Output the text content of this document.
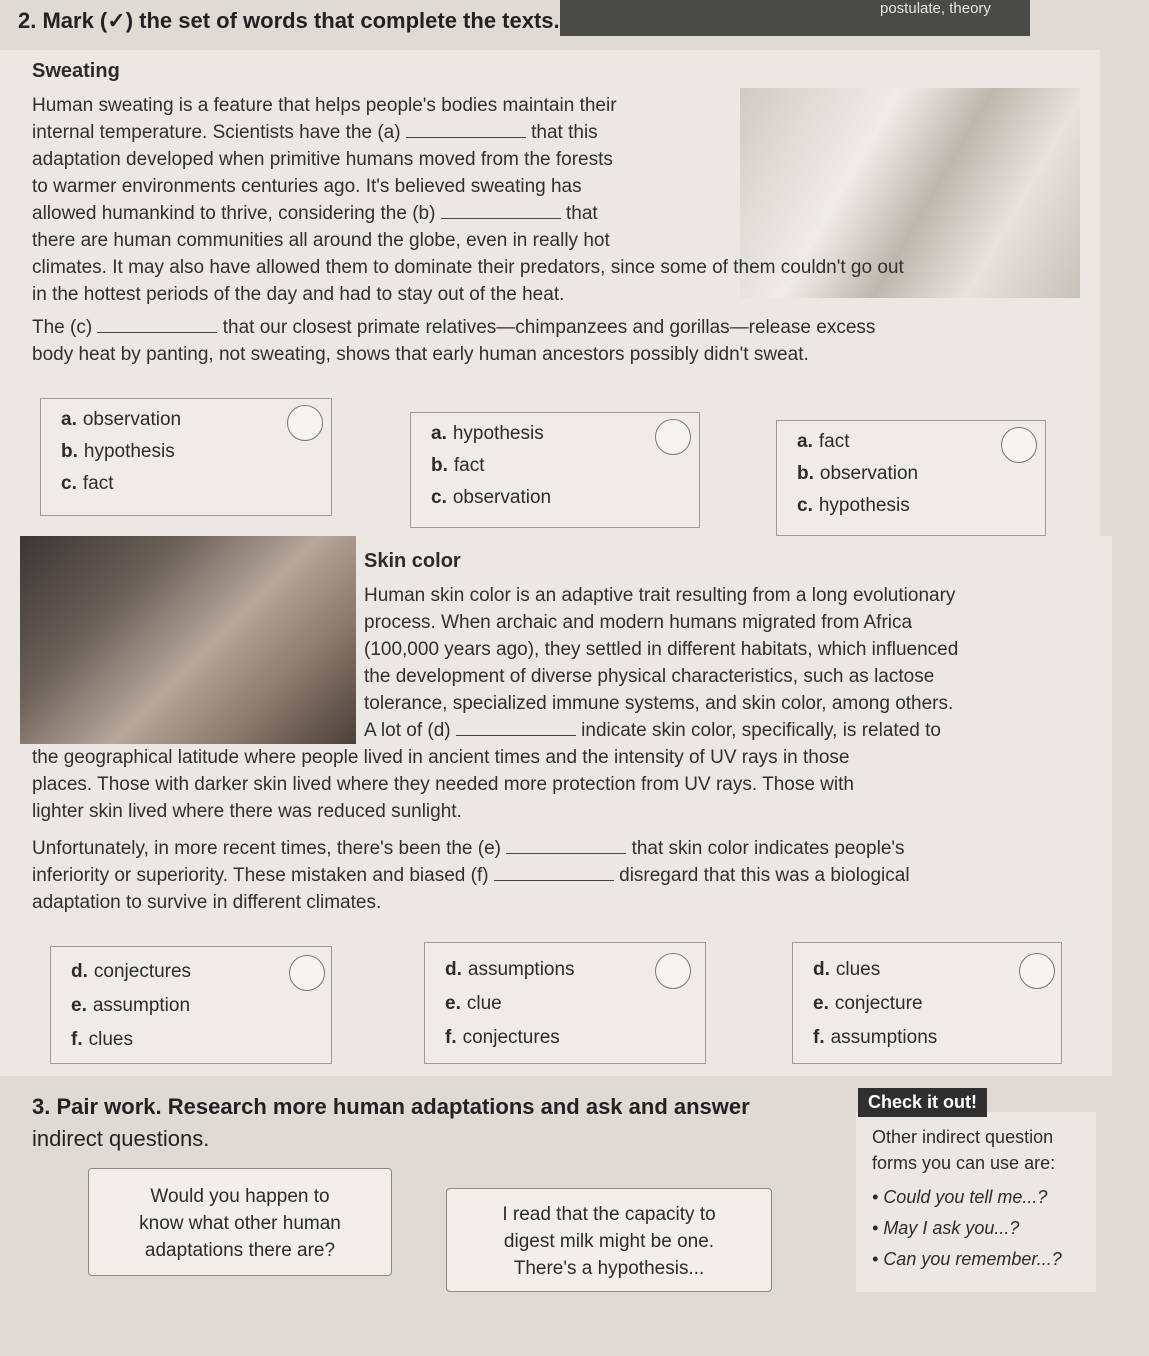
postulate, theory
2. Mark (✓) the set of words that complete the texts.
Sweating
Human sweating is a feature that helps people's bodies maintain their
internal temperature. Scientists have the (a)	that this
adaptation developed when primitive humans moved from the forests
to warmer environments centuries ago. It's believed sweating has
allowed humankind to thrive, considering the (b)	that
there are human communities all around the globe, even in really hot
climates. It may also have allowed them to dominate their predators, since some of them couldn't go out
in the hottest periods of the day and had to stay out of the heat.
The (c)	that our closest primate relatives—chimpanzees and gorillas—release excess
body heat by panting, not sweating, shows that early human ancestors possibly didn't sweat.
a. observation
b. hypothesis
c. fact
a. hypothesis
b. fact
c. observation
a. fact
b. observation
c. hypothesis
Skin color
Human skin color is an adaptive trait resulting from a long evolutionary
process. When archaic and modern humans migrated from Africa
(100,000 years ago), they settled in different habitats, which influenced
the development of diverse physical characteristics, such as lactose
tolerance, specialized immune systems, and skin color, among others.
A lot of (d)	indicate skin color, specifically, is related to
the geographical latitude where people lived in ancient times and the intensity of UV rays in those
places. Those with darker skin lived where they needed more protection from UV rays. Those with
lighter skin lived where there was reduced sunlight.
Unfortunately, in more recent times, there's been the (e)	that skin color indicates people's
inferiority or superiority. These mistaken and biased (f)	disregard that this was a biological
adaptation to survive in different climates.
d. conjectures
e. assumption
f. clues
d. assumptions
e. clue
f. conjectures
d. clues
e. conjecture
f. assumptions
3. Pair work. Research more human adaptations and ask and answer
indirect questions.
Would you happen to
know what other human
adaptations there are?
I read that the capacity to
digest milk might be one.
There's a hypothesis...
Check it out!
Other indirect question
forms you can use are:
• Could you tell me...?
• May I ask you...?
• Can you remember...?
